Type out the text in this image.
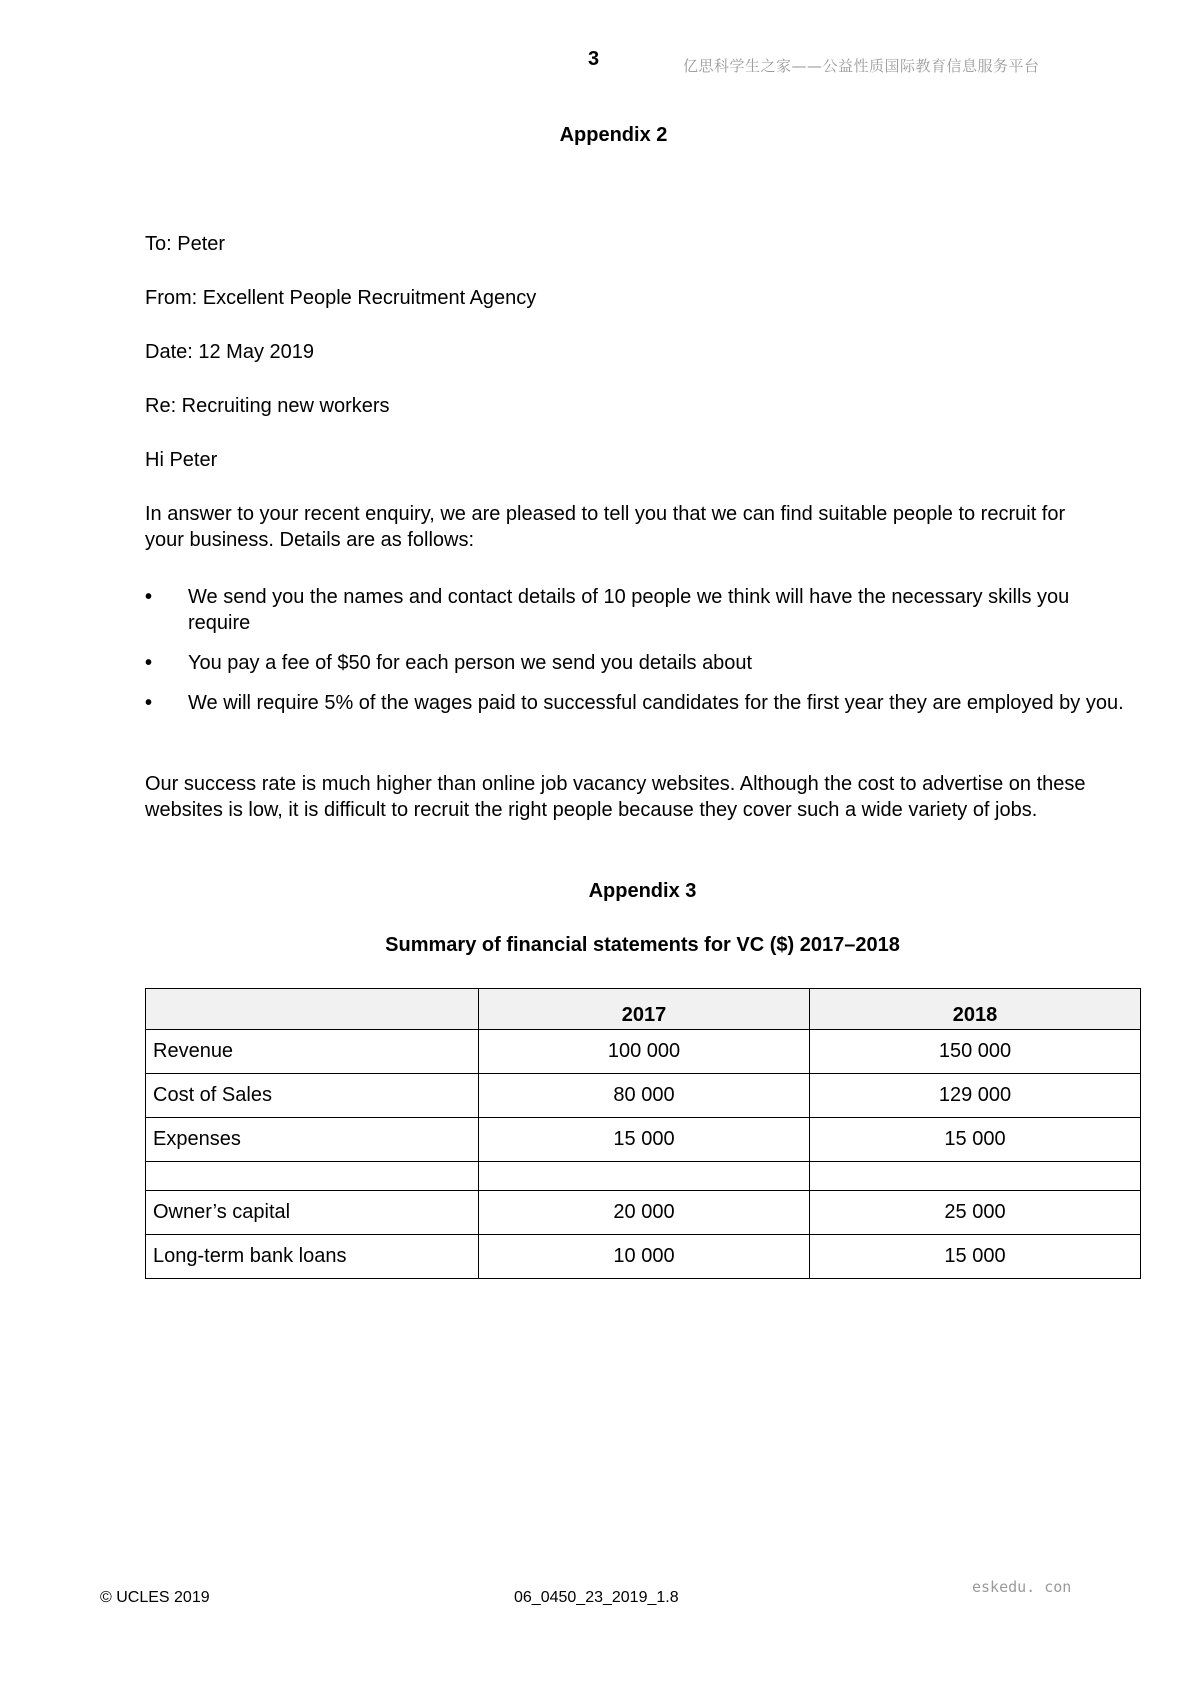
3	亿思科学生之家——公益性质国际教育信息服务平台
Appendix 2
To: Peter
From: Excellent People Recruitment Agency
Date: 12 May 2019
Re: Recruiting new workers
Hi Peter
In answer to your recent enquiry, we are pleased to tell you that we can find suitable people to recruit for your business. Details are as follows:
• We send you the names and contact details of 10 people we think will have the necessary skills you require
• You pay a fee of $50 for each person we send you details about
• We will require 5% of the wages paid to successful candidates for the first year they are employed by you.
Our success rate is much higher than online job vacancy websites. Although the cost to advertise on these websites is low, it is difficult to recruit the right people because they cover such a wide variety of jobs.
Appendix 3
Summary of financial statements for VC ($) 2017–2018
	2017	2018
Revenue	100 000	150 000
Cost of Sales	80 000	129 000
Expenses	15 000	15 000

Owner’s capital	20 000	25 000
Long-term bank loans	10 000	15 000
© UCLES 2019	06_0450_23_2019_1.8
eskedu. con
